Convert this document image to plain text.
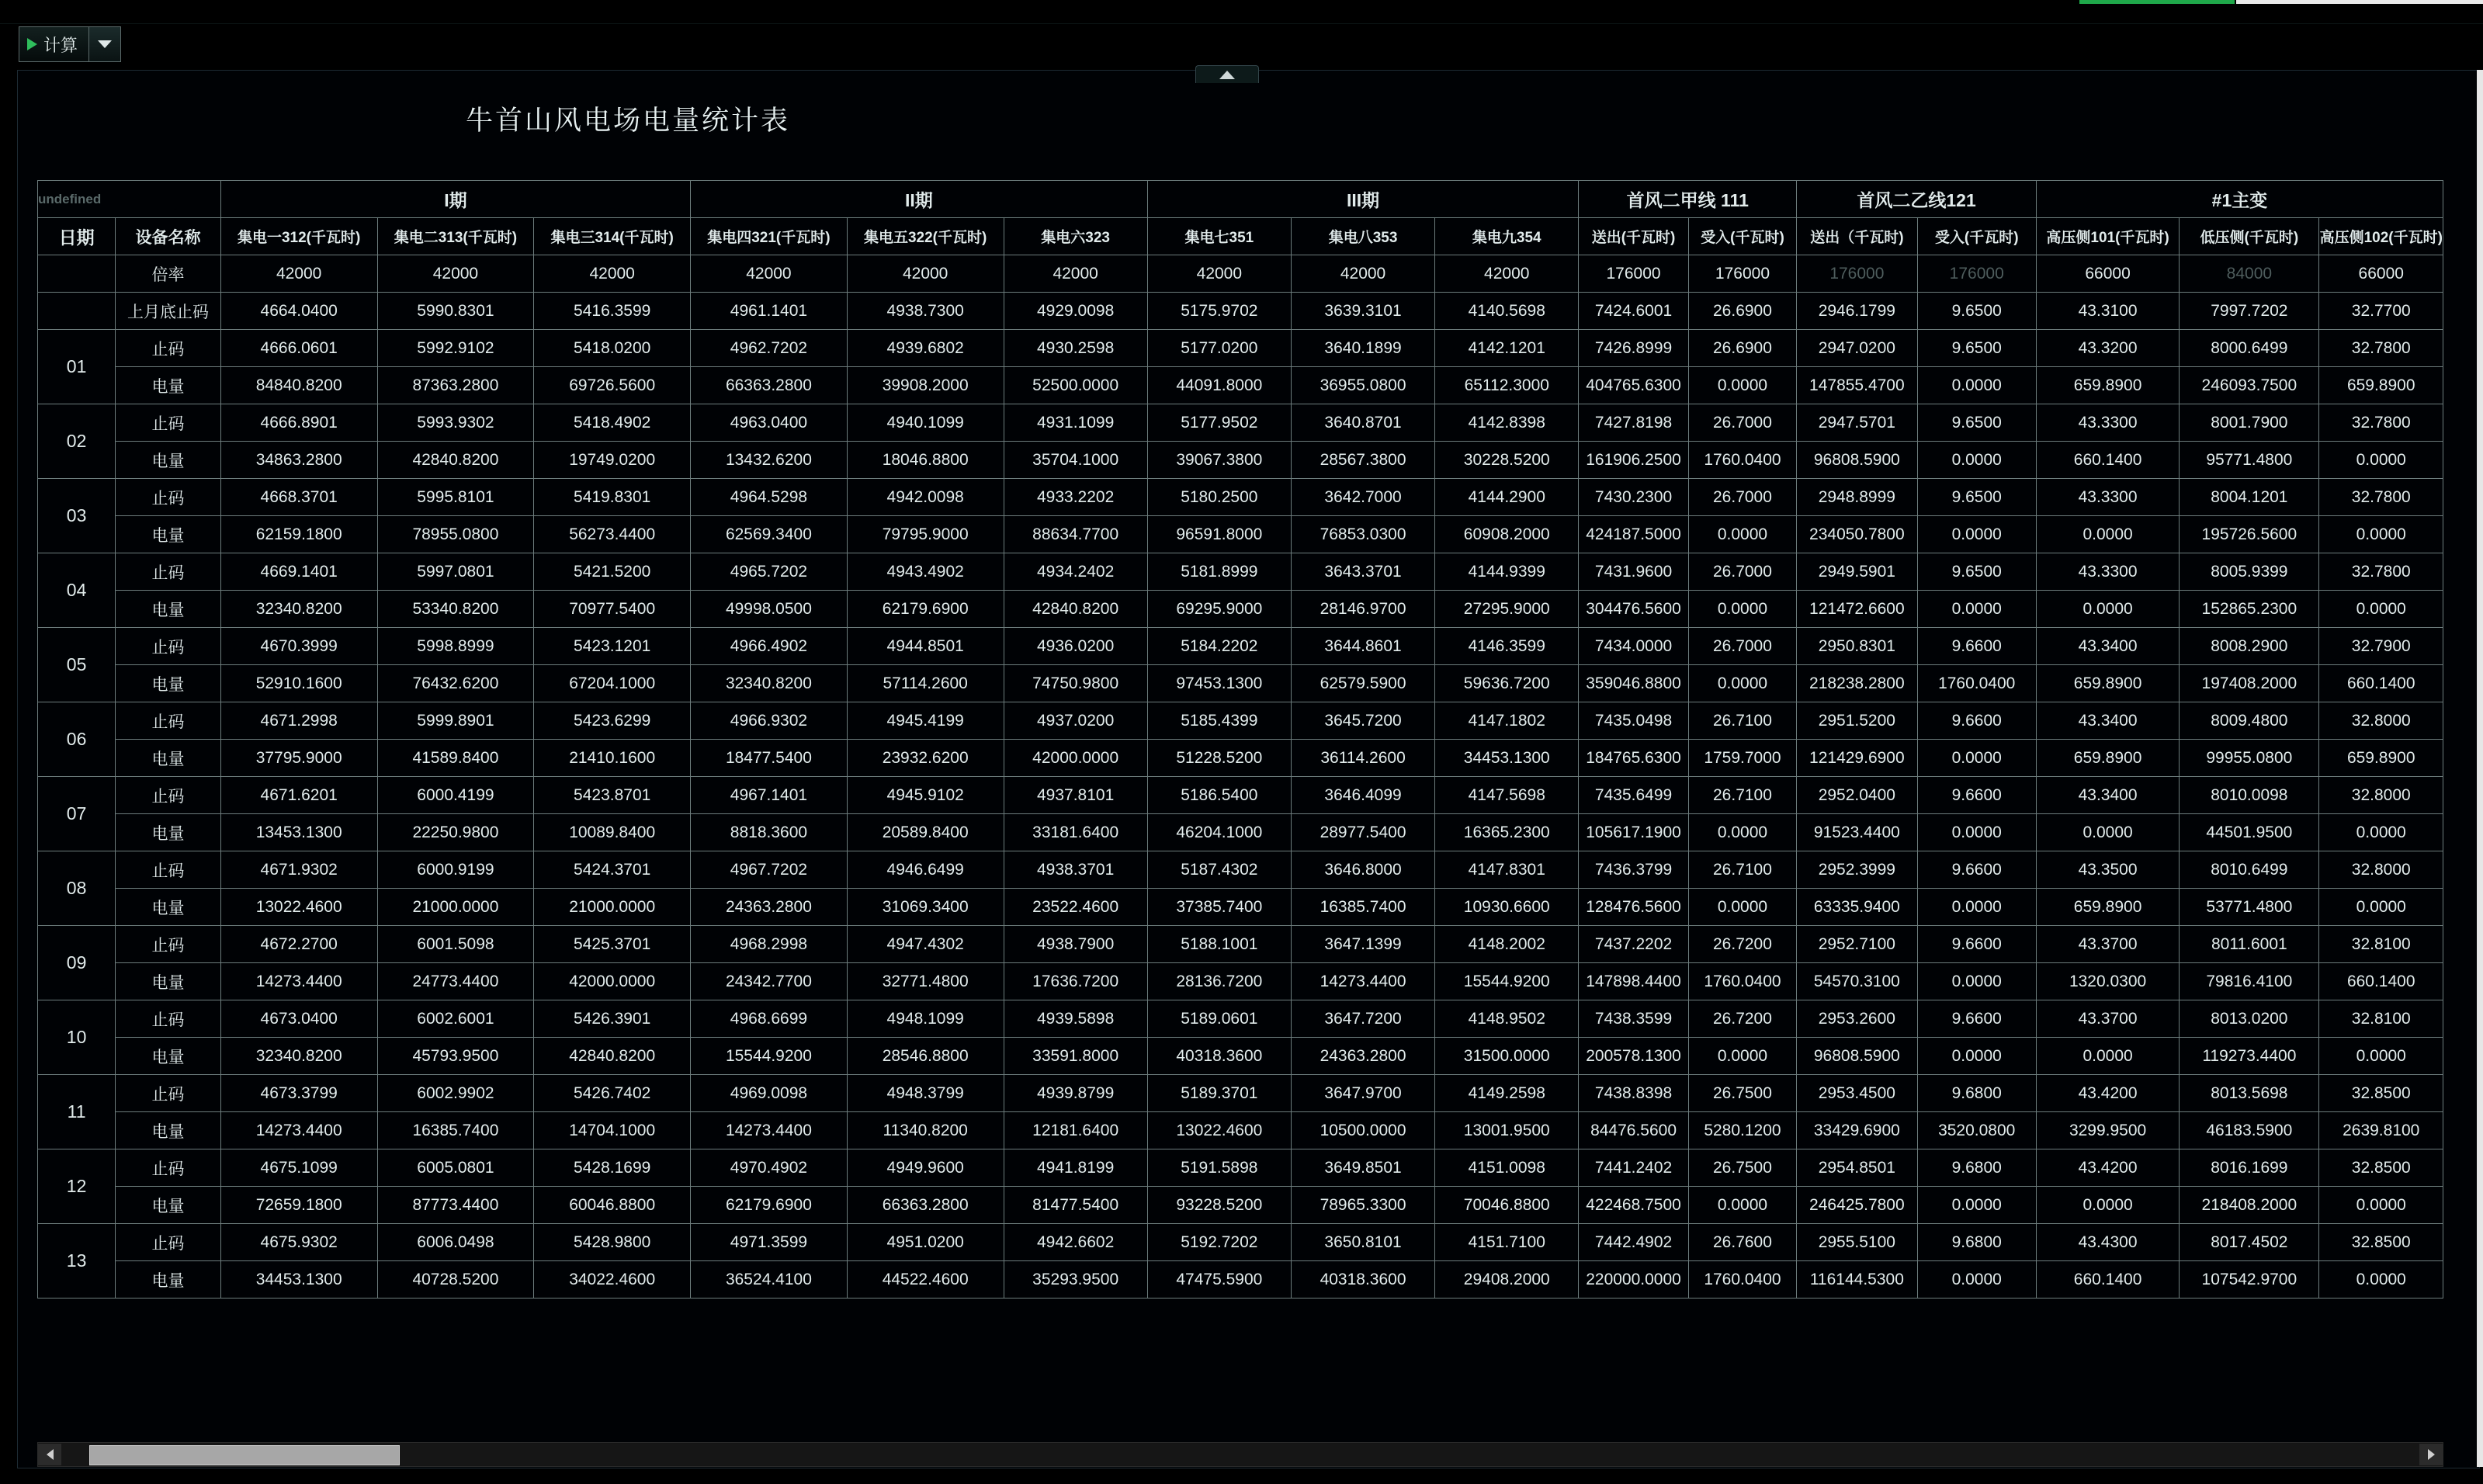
计算
牛首山风电场电量统计表
undefined		I期			II期			III期			首风二甲线 111		首风二乙线121		#1主变		
日期	设备名称	集电一312(千瓦时)	集电二313(千瓦时)	集电三314(千瓦时)	集电四321(千瓦时)	集电五322(千瓦时)	集电六323	集电七351	集电八353	集电九354	送出(千瓦时)	受入(千瓦时)	送出（千瓦时)	受入(千瓦时)	高压侧101(千瓦时)	低压侧(千瓦时)	高压侧102(千瓦时)
	倍率	42000	42000	42000	42000	42000	42000	42000	42000	42000	176000	176000	176000	176000	66000	84000	66000
	上月底止码	4664.0400	5990.8301	5416.3599	4961.1401	4938.7300	4929.0098	5175.9702	3639.3101	4140.5698	7424.6001	26.6900	2946.1799	9.6500	43.3100	7997.7202	32.7700
01	止码	4666.0601	5992.9102	5418.0200	4962.7202	4939.6802	4930.2598	5177.0200	3640.1899	4142.1201	7426.8999	26.6900	2947.0200	9.6500	43.3200	8000.6499	32.7800
	电量	84840.8200	87363.2800	69726.5600	66363.2800	39908.2000	52500.0000	44091.8000	36955.0800	65112.3000	404765.6300	0.0000	147855.4700	0.0000	659.8900	246093.7500	659.8900
02	止码	4666.8901	5993.9302	5418.4902	4963.0400	4940.1099	4931.1099	5177.9502	3640.8701	4142.8398	7427.8198	26.7000	2947.5701	9.6500	43.3300	8001.7900	32.7800
	电量	34863.2800	42840.8200	19749.0200	13432.6200	18046.8800	35704.1000	39067.3800	28567.3800	30228.5200	161906.2500	1760.0400	96808.5900	0.0000	660.1400	95771.4800	0.0000
03	止码	4668.3701	5995.8101	5419.8301	4964.5298	4942.0098	4933.2202	5180.2500	3642.7000	4144.2900	7430.2300	26.7000	2948.8999	9.6500	43.3300	8004.1201	32.7800
	电量	62159.1800	78955.0800	56273.4400	62569.3400	79795.9000	88634.7700	96591.8000	76853.0300	60908.2000	424187.5000	0.0000	234050.7800	0.0000	0.0000	195726.5600	0.0000
04	止码	4669.1401	5997.0801	5421.5200	4965.7202	4943.4902	4934.2402	5181.8999	3643.3701	4144.9399	7431.9600	26.7000	2949.5901	9.6500	43.3300	8005.9399	32.7800
	电量	32340.8200	53340.8200	70977.5400	49998.0500	62179.6900	42840.8200	69295.9000	28146.9700	27295.9000	304476.5600	0.0000	121472.6600	0.0000	0.0000	152865.2300	0.0000
05	止码	4670.3999	5998.8999	5423.1201	4966.4902	4944.8501	4936.0200	5184.2202	3644.8601	4146.3599	7434.0000	26.7000	2950.8301	9.6600	43.3400	8008.2900	32.7900
	电量	52910.1600	76432.6200	67204.1000	32340.8200	57114.2600	74750.9800	97453.1300	62579.5900	59636.7200	359046.8800	0.0000	218238.2800	1760.0400	659.8900	197408.2000	660.1400
06	止码	4671.2998	5999.8901	5423.6299	4966.9302	4945.4199	4937.0200	5185.4399	3645.7200	4147.1802	7435.0498	26.7100	2951.5200	9.6600	43.3400	8009.4800	32.8000
	电量	37795.9000	41589.8400	21410.1600	18477.5400	23932.6200	42000.0000	51228.5200	36114.2600	34453.1300	184765.6300	1759.7000	121429.6900	0.0000	659.8900	99955.0800	659.8900
07	止码	4671.6201	6000.4199	5423.8701	4967.1401	4945.9102	4937.8101	5186.5400	3646.4099	4147.5698	7435.6499	26.7100	2952.0400	9.6600	43.3400	8010.0098	32.8000
	电量	13453.1300	22250.9800	10089.8400	8818.3600	20589.8400	33181.6400	46204.1000	28977.5400	16365.2300	105617.1900	0.0000	91523.4400	0.0000	0.0000	44501.9500	0.0000
08	止码	4671.9302	6000.9199	5424.3701	4967.7202	4946.6499	4938.3701	5187.4302	3646.8000	4147.8301	7436.3799	26.7100	2952.3999	9.6600	43.3500	8010.6499	32.8000
	电量	13022.4600	21000.0000	21000.0000	24363.2800	31069.3400	23522.4600	37385.7400	16385.7400	10930.6600	128476.5600	0.0000	63335.9400	0.0000	659.8900	53771.4800	0.0000
09	止码	4672.2700	6001.5098	5425.3701	4968.2998	4947.4302	4938.7900	5188.1001	3647.1399	4148.2002	7437.2202	26.7200	2952.7100	9.6600	43.3700	8011.6001	32.8100
	电量	14273.4400	24773.4400	42000.0000	24342.7700	32771.4800	17636.7200	28136.7200	14273.4400	15544.9200	147898.4400	1760.0400	54570.3100	0.0000	1320.0300	79816.4100	660.1400
10	止码	4673.0400	6002.6001	5426.3901	4968.6699	4948.1099	4939.5898	5189.0601	3647.7200	4148.9502	7438.3599	26.7200	2953.2600	9.6600	43.3700	8013.0200	32.8100
	电量	32340.8200	45793.9500	42840.8200	15544.9200	28546.8800	33591.8000	40318.3600	24363.2800	31500.0000	200578.1300	0.0000	96808.5900	0.0000	0.0000	119273.4400	0.0000
11	止码	4673.3799	6002.9902	5426.7402	4969.0098	4948.3799	4939.8799	5189.3701	3647.9700	4149.2598	7438.8398	26.7500	2953.4500	9.6800	43.4200	8013.5698	32.8500
	电量	14273.4400	16385.7400	14704.1000	14273.4400	11340.8200	12181.6400	13022.4600	10500.0000	13001.9500	84476.5600	5280.1200	33429.6900	3520.0800	3299.9500	46183.5900	2639.8100
12	止码	4675.1099	6005.0801	5428.1699	4970.4902	4949.9600	4941.8199	5191.5898	3649.8501	4151.0098	7441.2402	26.7500	2954.8501	9.6800	43.4200	8016.1699	32.8500
	电量	72659.1800	87773.4400	60046.8800	62179.6900	66363.2800	81477.5400	93228.5200	78965.3300	70046.8800	422468.7500	0.0000	246425.7800	0.0000	0.0000	218408.2000	0.0000
13	止码	4675.9302	6006.0498	5428.9800	4971.3599	4951.0200	4942.6602	5192.7202	3650.8101	4151.7100	7442.4902	26.7600	2955.5100	9.6800	43.4300	8017.4502	32.8500
	电量	34453.1300	40728.5200	34022.4600	36524.4100	44522.4600	35293.9500	47475.5900	40318.3600	29408.2000	220000.0000	1760.0400	116144.5300	0.0000	660.1400	107542.9700	0.0000
